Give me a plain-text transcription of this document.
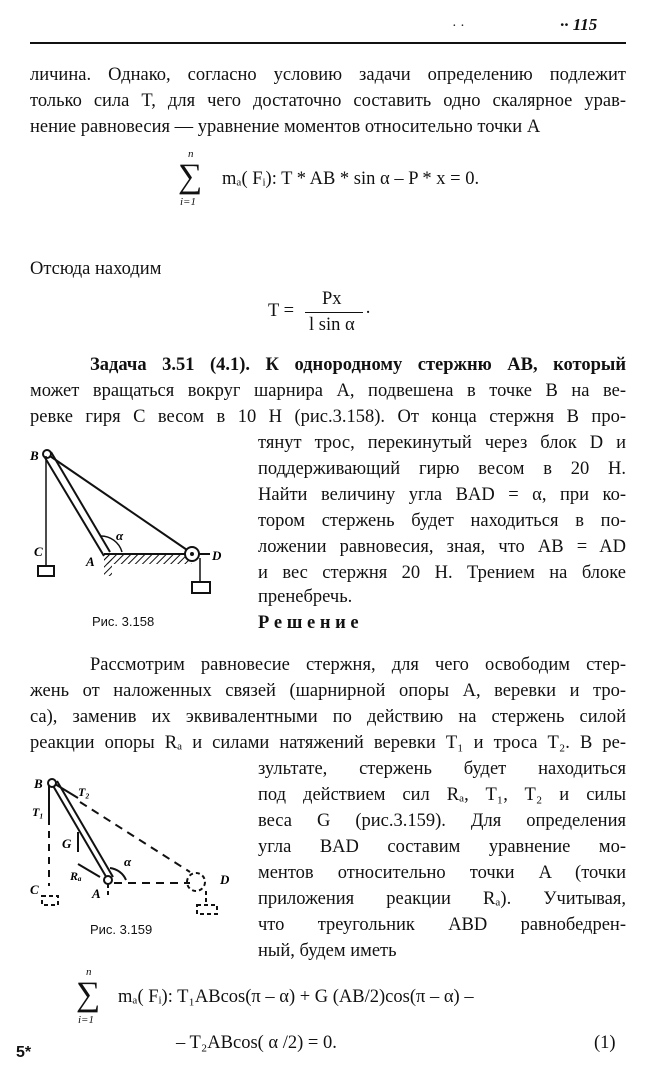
· ·	·· 115
личина. Однако, согласно условию задачи определению подлежит
только сила T, для чего достаточно составить одно скалярное урав-
нение равновесия — уравнение моментов относительно точки A
n
∑
i=1
mₐ( Fᵢ): T * AB * sin α – P * x = 0.
Отсюда находим
T =
Px
l sin α
·
Задача 3.51 (4.1). К однородному стержню AB, который
может вращаться вокруг шарнира A, подвешена в точке B на ве-
ревке гиря C весом в 10 Н (рис.3.158). От конца стержня B про-
тянут трос, перекинутый через блок D и
поддерживающий гирю весом в 20 Н.
Найти величину угла BAD = α, при ко-
тором стержень будет находиться в по-
ложении равновесия, зная, что AB = AD
и вес стержня 20 Н. Трением на блоке
пренебречь.
B
C
A	D
α
Рис. 3.158	Р е ш е н и е
Рассмотрим равновесие стержня, для чего освободим стер-
жень от наложенных связей (шарнирной опоры A, веревки и тро-
са), заменив их эквивалентными по действию на стержень силой
реакции опоры Rₐ и силами натяжений веревки T₁ и троса T₂. В ре-
зультате, стержень будет находиться
под действием сил Rₐ, T₁, T₂ и силы
веса G (рис.3.159). Для определения
угла BAD составим уравнение мо-
ментов относительно точки A (точки
приложения реакции Rₐ). Учитывая,
что треугольник ABD равнобедрен-
ный, будем иметь
B
T₂
T₁
G
Rₐ
A
C
D
α
Рис. 3.159
n
∑
i=1
mₐ( Fᵢ): T₁ABcos(π – α) + G (AB/2)cos(π – α) –
– T₂ABcos( α /2) = 0.	(1)
5*
